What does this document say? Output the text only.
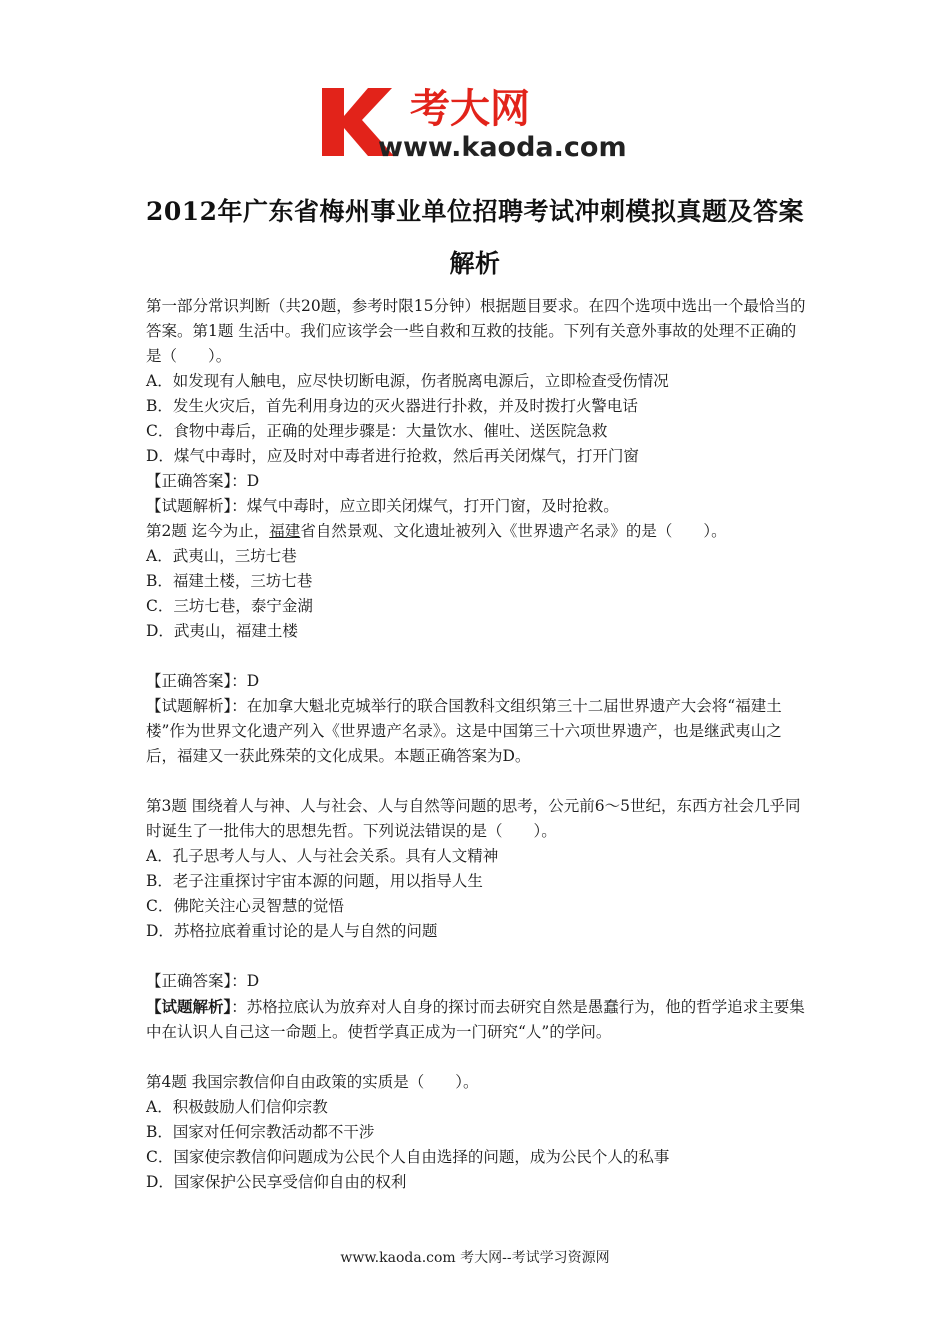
考大网
www.kaoda.com
2012年广东省梅州事业单位招聘考试冲刺模拟真题及答案
解析

第一部分常识判断（共20题，参考时限15分钟）根据题目要求。在四个选项中选出一个最恰当的答案。第1题 生活中。我们应该学会一些自救和互救的技能。下列有关意外事故的处理不正确的是（　　）。

A．如发现有人触电，应尽快切断电源，伤者脱离电源后，立即检查受伤情况

B．发生火灾后，首先利用身边的灭火器进行扑救，并及时拨打火警电话

C．食物中毒后，正确的处理步骤是：大量饮水、催吐、送医院急救

D．煤气中毒时，应及时对中毒者进行抢救，然后再关闭煤气，打开门窗

【正确答案】：D

【试题解析】：煤气中毒时，应立即关闭煤气，打开门窗，及时抢救。

第2题 迄今为止，福建省自然景观、文化遗址被列入《世界遗产名录》的是（　　）。

A．武夷山，三坊七巷

B．福建土楼，三坊七巷

C．三坊七巷，泰宁金湖

D．武夷山，福建土楼

【正确答案】：D

【试题解析】：在加拿大魁北克城举行的联合国教科文组织第三十二届世界遗产大会将“福建土楼”作为世界文化遗产列入《世界遗产名录》。这是中国第三十六项世界遗产，也是继武夷山之后，福建又一获此殊荣的文化成果。本题正确答案为D。

第3题 围绕着人与神、人与社会、人与自然等问题的思考，公元前6～5世纪，东西方社会几乎同时诞生了一批伟大的思想先哲。下列说法错误的是（　　）。

A．孔子思考人与人、人与社会关系。具有人文精神

B．老子注重探讨宇宙本源的问题，用以指导人生

C．佛陀关注心灵智慧的觉悟

D．苏格拉底着重讨论的是人与自然的问题

【正确答案】：D

【试题解析】：苏格拉底认为放弃对人自身的探讨而去研究自然是愚蠢行为，他的哲学追求主要集中在认识人自己这一命题上。使哲学真正成为一门研究“人”的学问。

第4题 我国宗教信仰自由政策的实质是（　　）。

A．积极鼓励人们信仰宗教

B．国家对任何宗教活动都不干涉

C．国家使宗教信仰问题成为公民个人自由选择的问题，成为公民个人的私事

D．国家保护公民享受信仰自由的权利

www.kaoda.com 考大网--考试学习资源网
